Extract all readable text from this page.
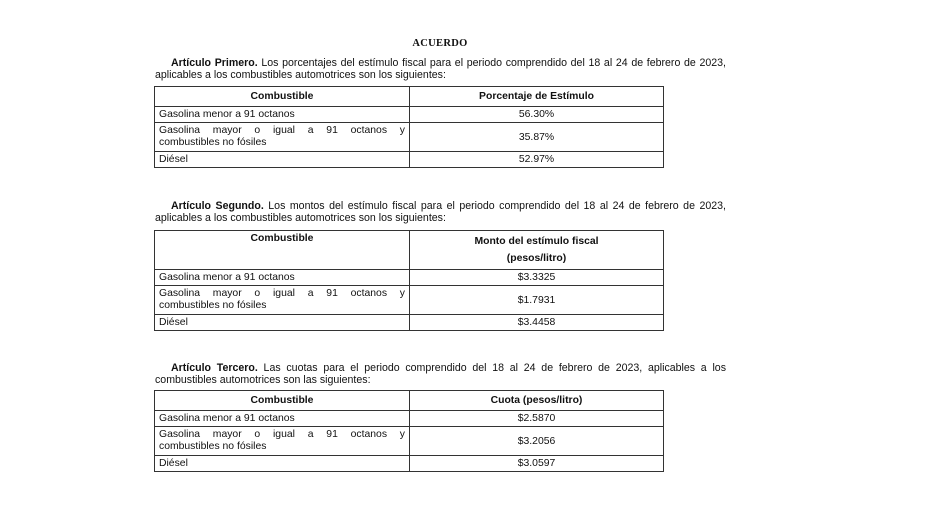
ACUERDO
Artículo Primero. Los porcentajes del estímulo fiscal para el periodo comprendido del 18 al 24 de febrero de 2023, aplicables a los combustibles automotrices son los siguientes:
Combustible	Porcentaje de Estímulo
Gasolina menor a 91 octanos	56.30%

Gasolina mayor o igual a 91 octanos y
combustibles no fósiles	35.87%
Diésel	52.97%
Artículo Segundo. Los montos del estímulo fiscal para el periodo comprendido del 18 al 24 de febrero de 2023, aplicables a los combustibles automotrices son los siguientes:
Combustible	Monto del estímulo fiscal
(pesos/litro)

Gasolina menor a 91 octanos	$3.3325

Gasolina mayor o igual a 91 octanos y
combustibles no fósiles	$1.7931
Diésel	$3.4458
Artículo Tercero. Las cuotas para el periodo comprendido del 18 al 24 de febrero de 2023, aplicables a los combustibles automotrices son las siguientes:
Combustible	Cuota (pesos/litro)
Gasolina menor a 91 octanos	$2.5870

Gasolina mayor o igual a 91 octanos y
combustibles no fósiles	$3.2056
Diésel	$3.0597
